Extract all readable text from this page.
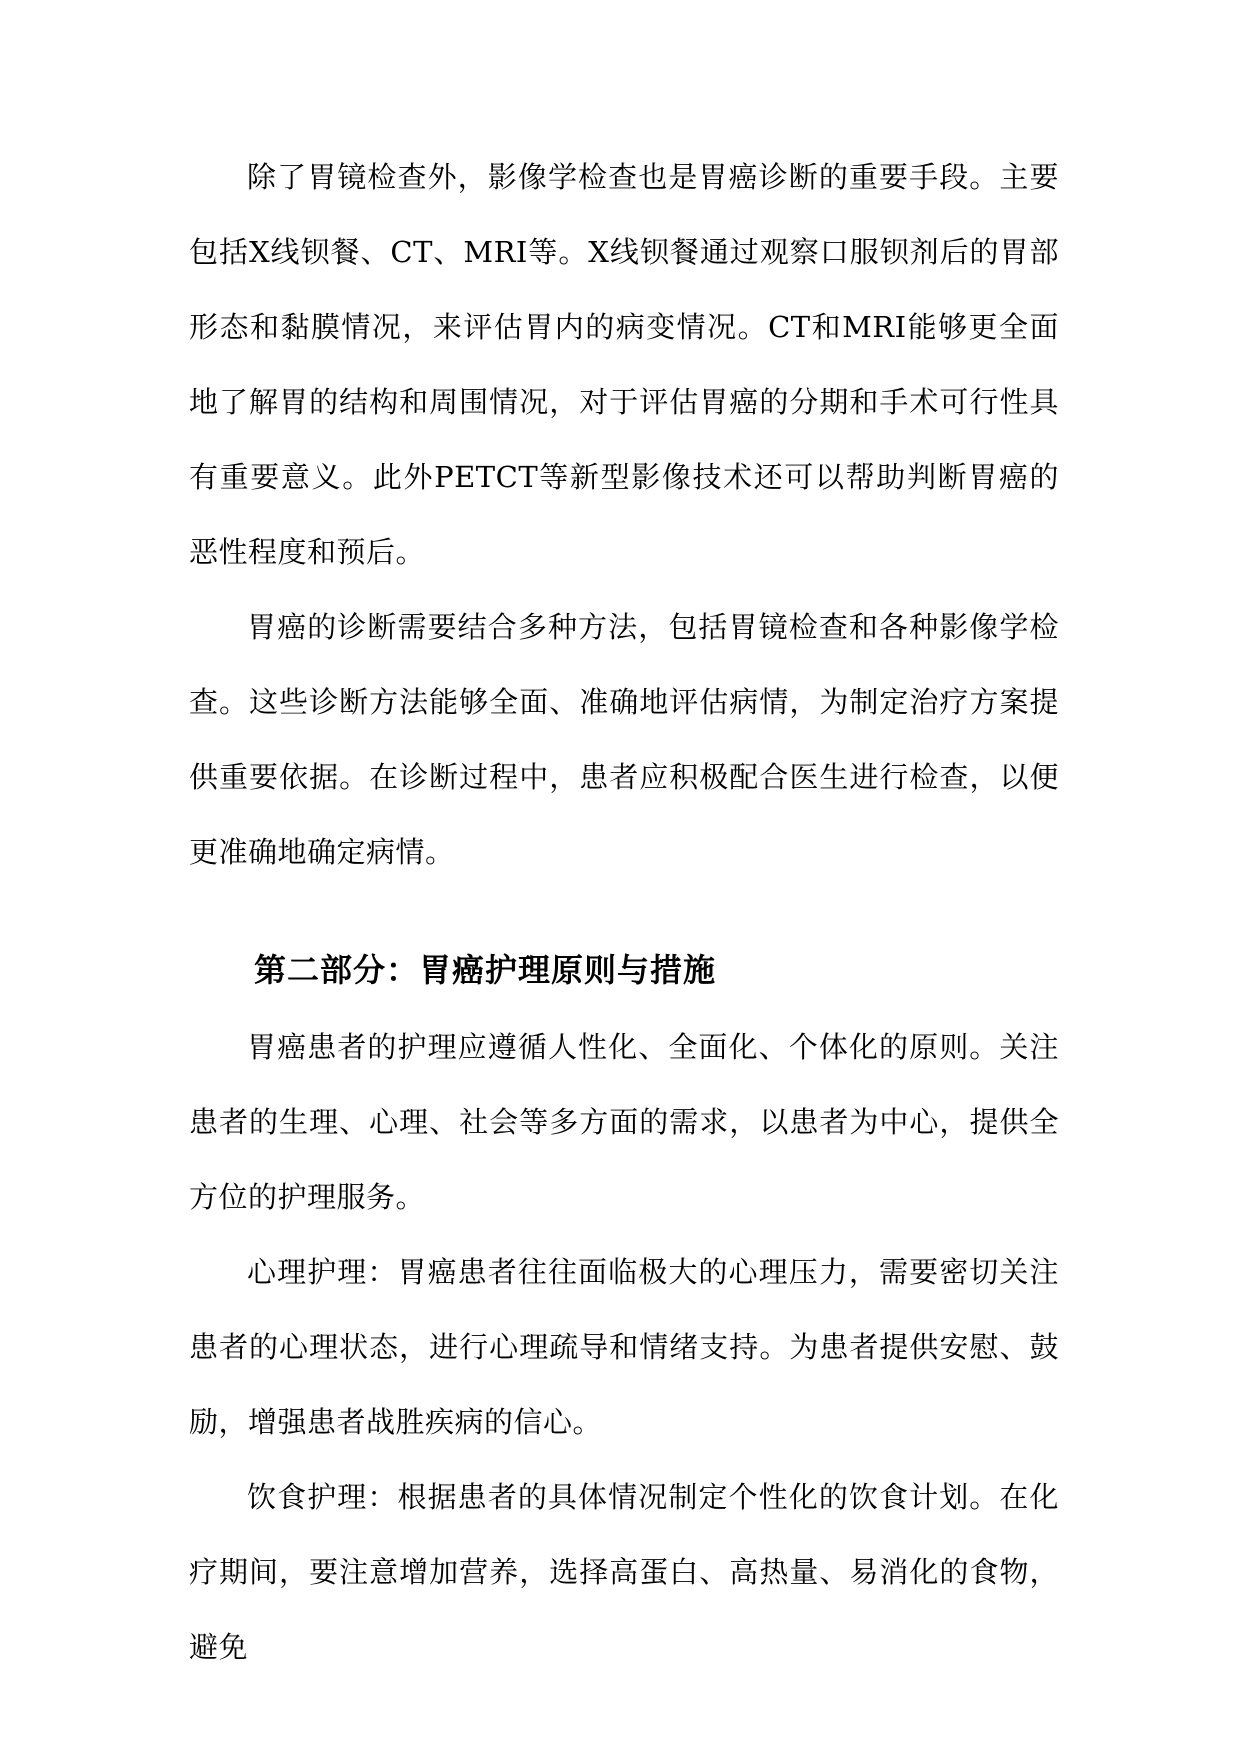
除了胃镜检查外，影像学检查也是胃癌诊断的重要手段。主要包括X线钡餐、CT、MRI等。X线钡餐通过观察口服钡剂后的胃部形态和黏膜情况，来评估胃内的病变情况。CT和MRI能够更全面地了解胃的结构和周围情况，对于评估胃癌的分期和手术可行性具有重要意义。此外PETCT等新型影像技术还可以帮助判断胃癌的恶性程度和预后。

胃癌的诊断需要结合多种方法，包括胃镜检查和各种影像学检查。这些诊断方法能够全面、准确地评估病情，为制定治疗方案提供重要依据。在诊断过程中，患者应积极配合医生进行检查，以便更准确地确定病情。

第二部分：胃癌护理原则与措施

胃癌患者的护理应遵循人性化、全面化、个体化的原则。关注患者的生理、心理、社会等多方面的需求，以患者为中心，提供全方位的护理服务。

心理护理：胃癌患者往往面临极大的心理压力，需要密切关注患者的心理状态，进行心理疏导和情绪支持。为患者提供安慰、鼓励，增强患者战胜疾病的信心。

饮食护理：根据患者的具体情况制定个性化的饮食计划。在化疗期间，要注意增加营养，选择高蛋白、高热量、易消化的食物，避免
